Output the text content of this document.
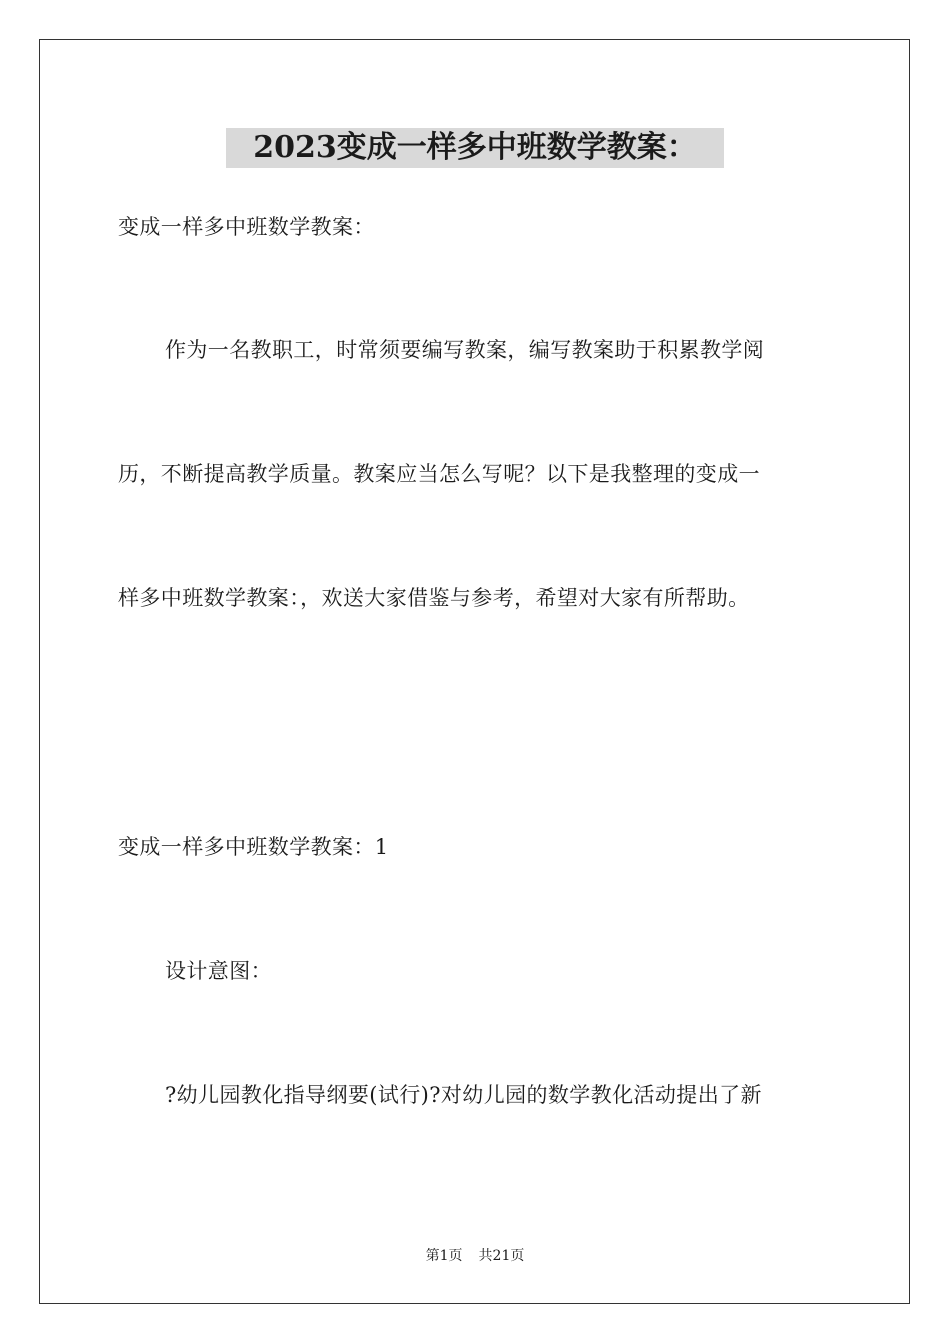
2023变成一样多中班数学教案：
变成一样多中班数学教案：
作为一名教职工，时常须要编写教案，编写教案助于积累教学阅
历，不断提高教学质量。教案应当怎么写呢？以下是我整理的变成一
样多中班数学教案：，欢送大家借鉴与参考，希望对大家有所帮助。
变成一样多中班数学教案：1
设计意图：
?幼儿园教化指导纲要(试行)?对幼儿园的数学教化活动提出了新
第1页 共21页
